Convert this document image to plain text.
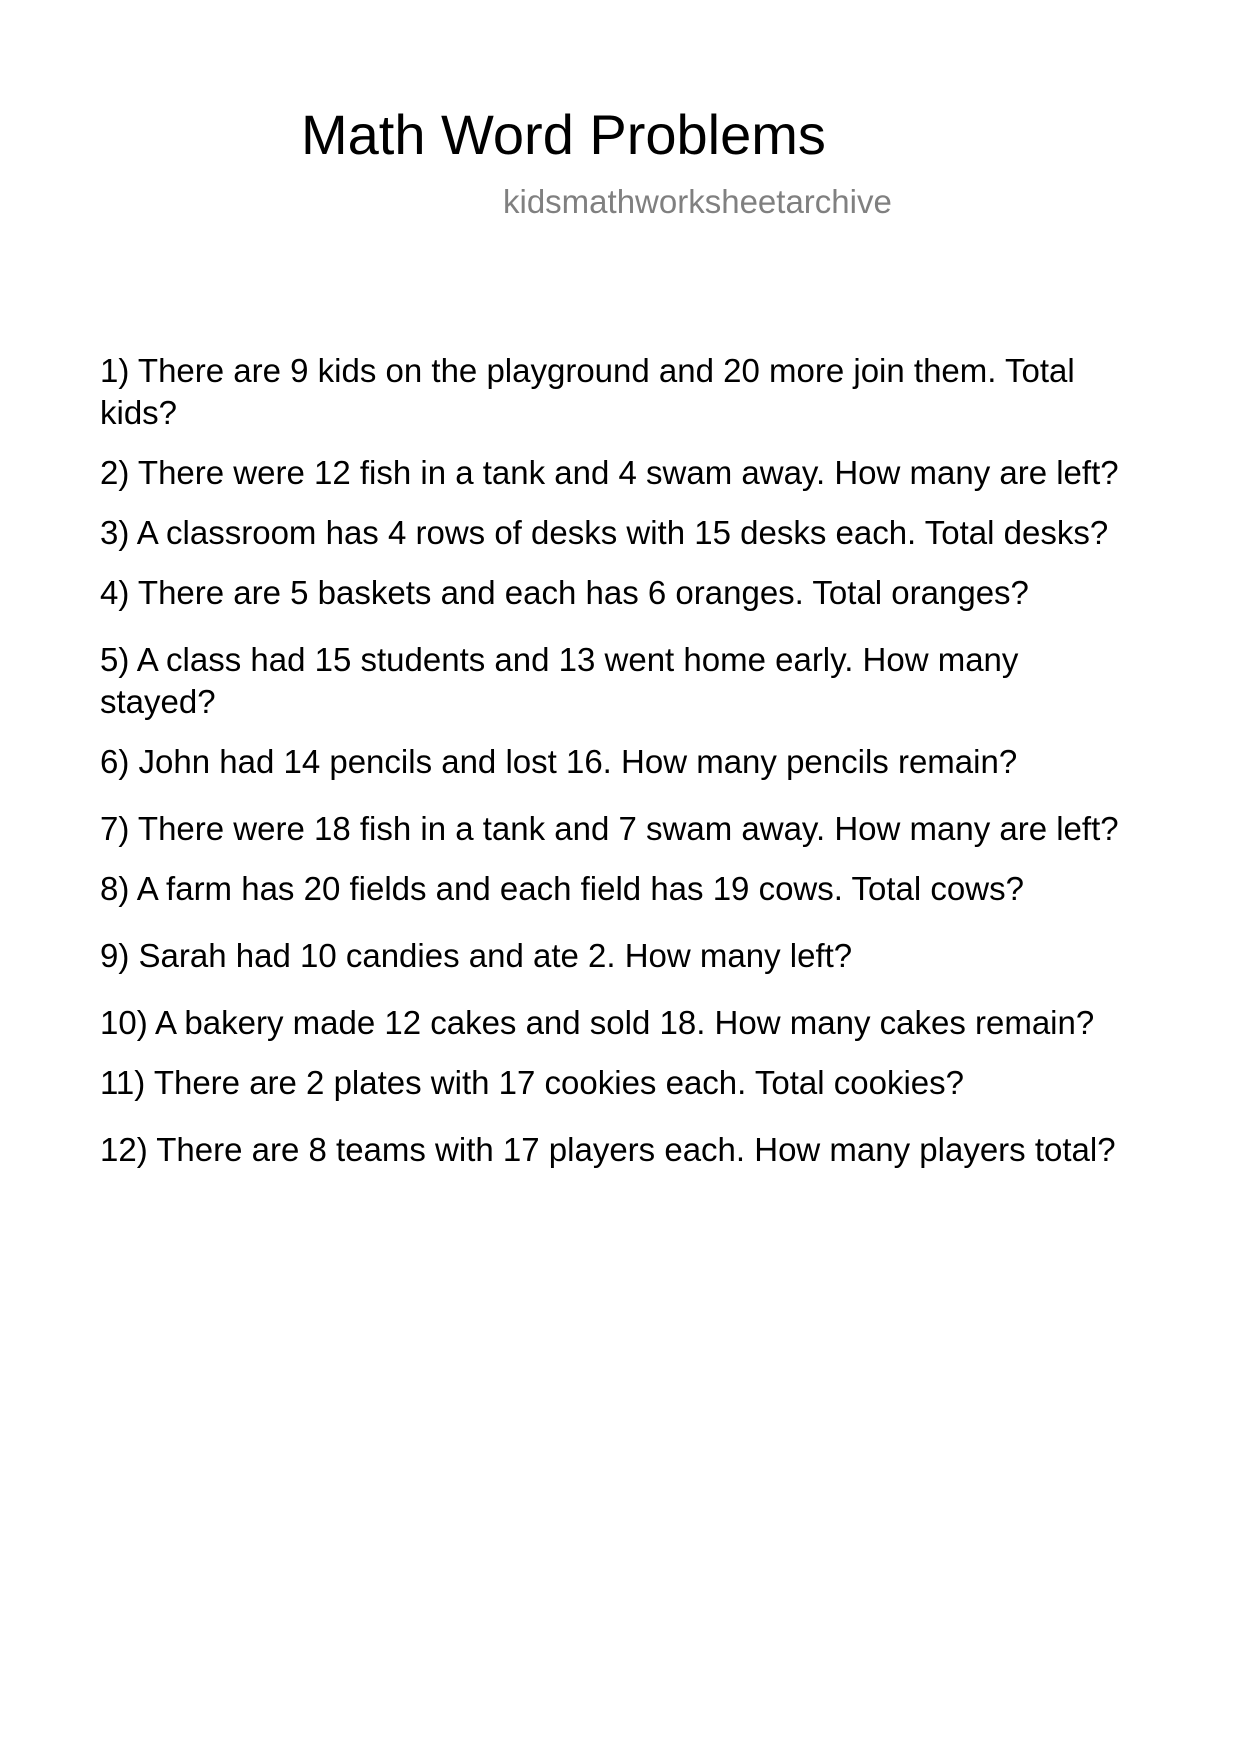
Math Word Problems
kidsmathworksheetarchive
1) There are 9 kids on the playground and 20 more join them. Total kids?
2) There were 12 fish in a tank and 4 swam away. How many are left?
3) A classroom has 4 rows of desks with 15 desks each. Total desks?
4) There are 5 baskets and each has 6 oranges. Total oranges?
5) A class had 15 students and 13 went home early. How many stayed?
6) John had 14 pencils and lost 16. How many pencils remain?
7) There were 18 fish in a tank and 7 swam away. How many are left?
8) A farm has 20 fields and each field has 19 cows. Total cows?
9) Sarah had 10 candies and ate 2. How many left?
10) A bakery made 12 cakes and sold 18. How many cakes remain?
11) There are 2 plates with 17 cookies each. Total cookies?
12) There are 8 teams with 17 players each. How many players total?
